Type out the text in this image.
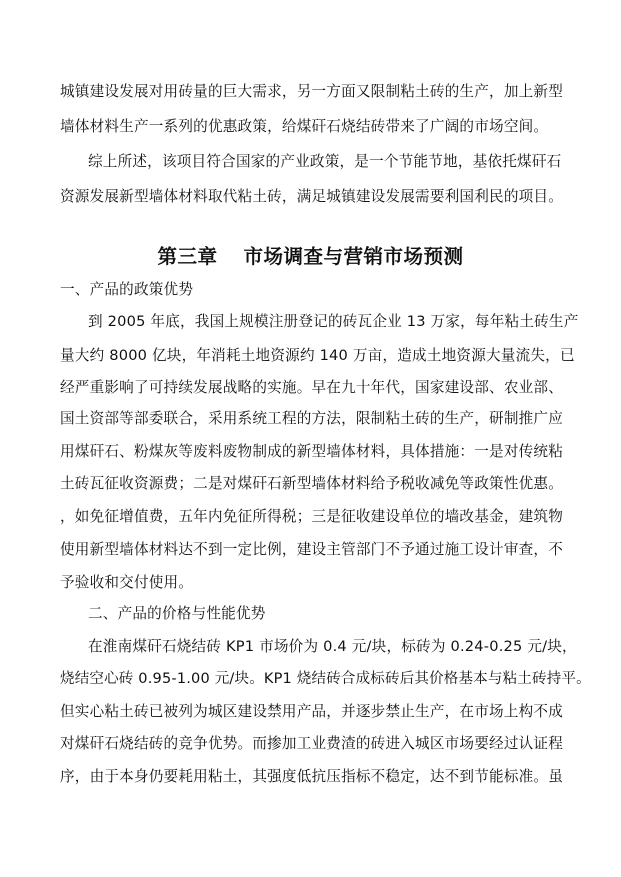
城镇建设发展对用砖量的巨大需求，另一方面又限制粘土砖的生产，加上新型
墙体材料生产一系列的优惠政策，给煤矸石烧结砖带来了广阔的市场空间。
综上所述，该项目符合国家的产业政策，是一个节能节地，基依托煤矸石
资源发展新型墙体材料取代粘土砖，满足城镇建设发展需要利国利民的项目。
第三章 市场调查与营销市场预测
一、产品的政策优势
到 2005 年底，我国上规模注册登记的砖瓦企业 13 万家，每年粘土砖生产
量大约 8000 亿块，年消耗土地资源约 140 万亩，造成土地资源大量流失，已
经严重影响了可持续发展战略的实施。早在九十年代，国家建设部、农业部、
国土资部等部委联合，采用系统工程的方法，限制粘土砖的生产，研制推广应
用煤矸石、粉煤灰等废料废物制成的新型墙体材料，具体措施：一是对传统粘
土砖瓦征收资源费；二是对煤矸石新型墙体材料给予税收减免等政策性优惠。
，如免征增值费，五年内免征所得税；三是征收建设单位的墙改基金，建筑物
使用新型墙体材料达不到一定比例，建设主管部门不予通过施工设计审查，不
予验收和交付使用。
二、产品的价格与性能优势
在淮南煤矸石烧结砖 KP1 市场价为 0.4 元/块，标砖为 0.24-0.25 元/块，
烧结空心砖 0.95-1.00 元/块。KP1 烧结砖合成标砖后其价格基本与粘土砖持平。
但实心粘土砖已被列为城区建设禁用产品，并逐步禁止生产，在市场上构不成
对煤矸石烧结砖的竞争优势。而掺加工业费渣的砖进入城区市场要经过认证程
序，由于本身仍要耗用粘土，其强度低抗压指标不稳定，达不到节能标准。虽
